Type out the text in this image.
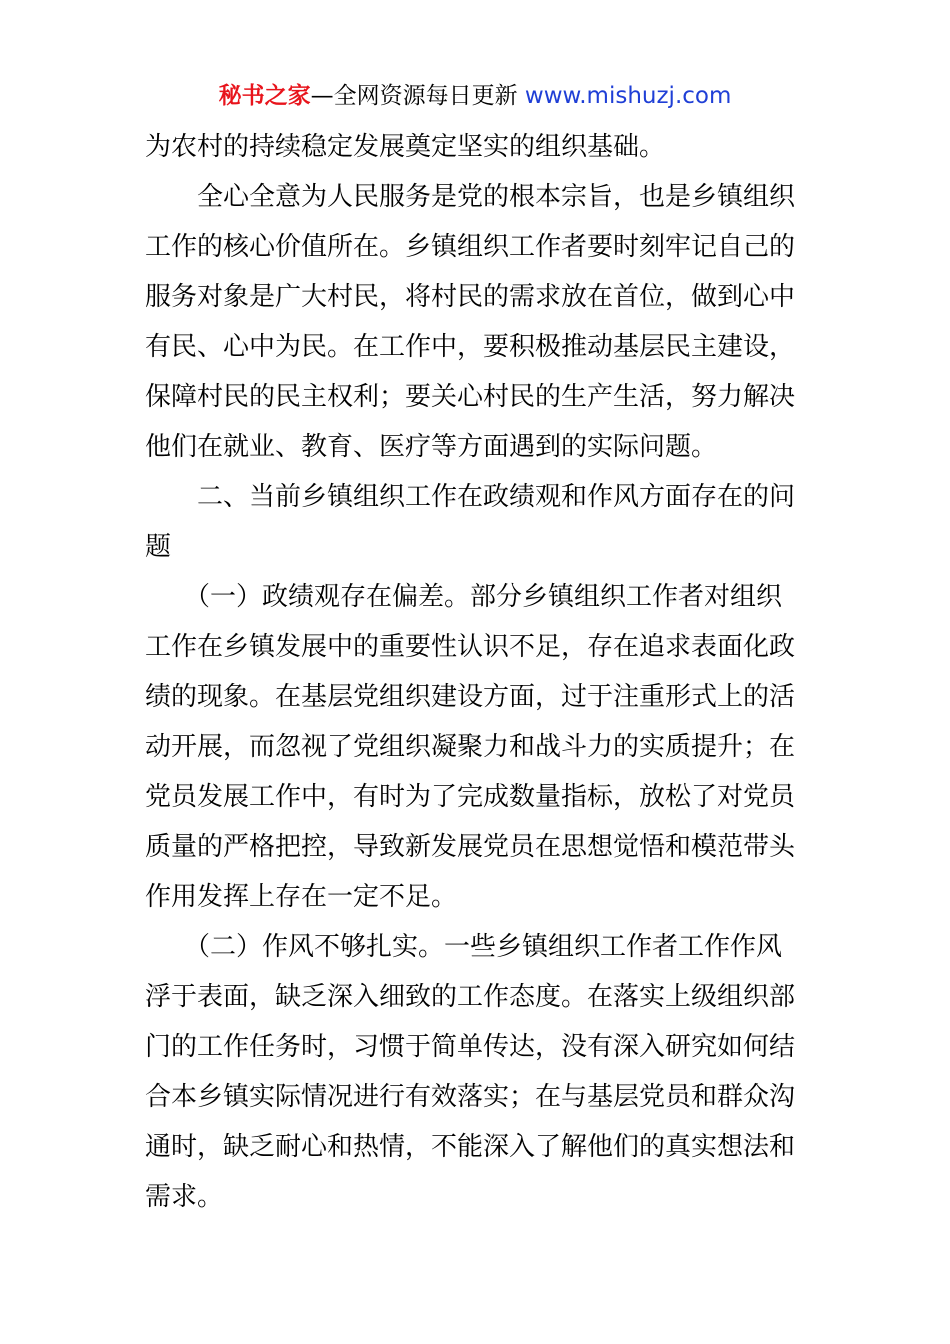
秘书之家—全网资源每日更新 www.mishuzj.com
为农村的持续稳定发展奠定坚实的组织基础。
　　全心全意为人民服务是党的根本宗旨，也是乡镇组织
工作的核心价值所在。乡镇组织工作者要时刻牢记自己的
服务对象是广大村民，将村民的需求放在首位，做到心中
有民、心中为民。在工作中，要积极推动基层民主建设，
保障村民的民主权利；要关心村民的生产生活，努力解决
他们在就业、教育、医疗等方面遇到的实际问题。
　　二、当前乡镇组织工作在政绩观和作风方面存在的问
题
　　（一）政绩观存在偏差。部分乡镇组织工作者对组织
工作在乡镇发展中的重要性认识不足，存在追求表面化政
绩的现象。在基层党组织建设方面，过于注重形式上的活
动开展，而忽视了党组织凝聚力和战斗力的实质提升；在
党员发展工作中，有时为了完成数量指标，放松了对党员
质量的严格把控，导致新发展党员在思想觉悟和模范带头
作用发挥上存在一定不足。
　　（二）作风不够扎实。一些乡镇组织工作者工作作风
浮于表面，缺乏深入细致的工作态度。在落实上级组织部
门的工作任务时，习惯于简单传达，没有深入研究如何结
合本乡镇实际情况进行有效落实；在与基层党员和群众沟
通时，缺乏耐心和热情，不能深入了解他们的真实想法和
需求。
